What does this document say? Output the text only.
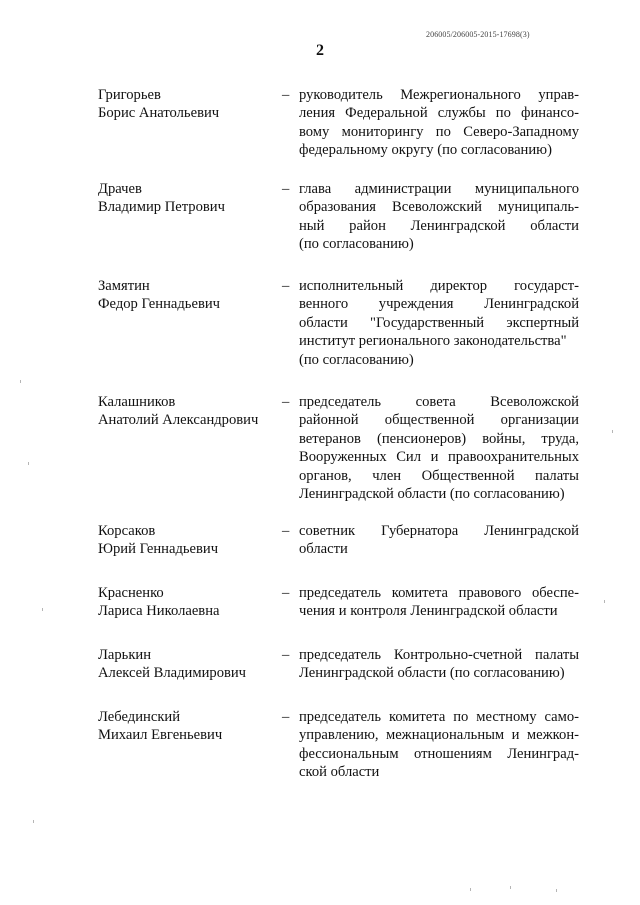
206005/206005-2015-17698(3)
2
Григорьев
Борис Анатольевич
– руководитель Межрегионального управ-
ления Федеральной службы по финансо-
вому мониторингу по Северо-Западному
федеральному округу (по согласованию)
Драчев
Владимир Петрович
– глава администрации муниципального
образования Всеволожский муниципаль-
ный район Ленинградской области
(по согласованию)
Замятин
Федор Геннадьевич
– исполнительный директор государст-
венного учреждения Ленинградской
области "Государственный экспертный
институт регионального законодательства"
(по согласованию)
Калашников
Анатолий Александрович
– председатель совета Всеволожской
районной общественной организации
ветеранов (пенсионеров) войны, труда,
Вооруженных Сил и правоохранительных
органов, член Общественной палаты
Ленинградской области (по согласованию)
Корсаков
Юрий Геннадьевич
– советник Губернатора Ленинградской
области
Красненко
Лариса Николаевна
– председатель комитета правового обеспе-
чения и контроля Ленинградской области
Ларькин
Алексей Владимирович
– председатель Контрольно-счетной палаты
Ленинградской области (по согласованию)
Лебединский
Михаил Евгеньевич
– председатель комитета по местному само-
управлению, межнациональным и межкон-
фессиональным отношениям Ленинград-
ской области
